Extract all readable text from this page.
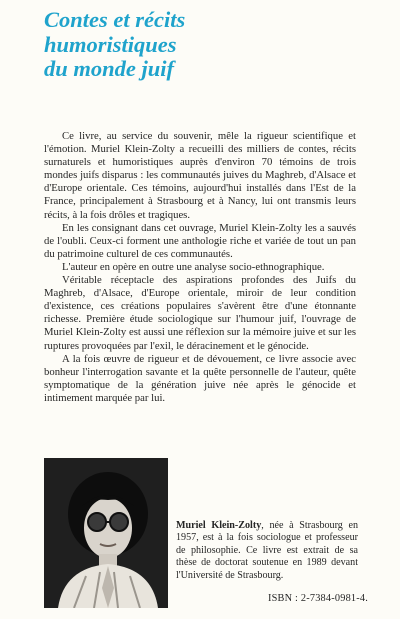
Contes et récits
humoristiques
du monde juif

Ce livre, au service du souvenir, mêle la rigueur scientifique et l'émotion. Muriel Klein-Zolty a recueilli des milliers de contes, récits surnaturels et humoristiques auprès d'environ 70 témoins de trois mondes juifs disparus : les communautés juives du Maghreb, d'Alsace et d'Europe orientale. Ces témoins, aujourd'hui installés dans l'Est de la France, principalement à Strasbourg et à Nancy, lui ont transmis leurs récits, à la fois drôles et tragiques.

En les consignant dans cet ouvrage, Muriel Klein-Zolty les a sauvés de l'oubli. Ceux-ci forment une anthologie riche et variée de tout un pan du patrimoine culturel de ces communautés.

L'auteur en opère en outre une analyse socio-ethnographique.

Véritable réceptacle des aspirations profondes des Juifs du Maghreb, d'Alsace, d'Europe orientale, miroir de leur condition d'existence, ces créations populaires s'avèrent être d'une étonnante richesse. Première étude sociologique sur l'humour juif, l'ouvrage de Muriel Klein-Zolty est aussi une réflexion sur la mémoire juive et sur les ruptures provoquées par l'exil, le déracinement et le génocide.

A la fois œuvre de rigueur et de dévouement, ce livre associe avec bonheur l'interrogation savante et la quête personnelle de l'auteur, quête symptomatique de la génération juive née après le génocide et intimement marquée par lui.

Muriel Klein-Zolty, née à Strasbourg en 1957, est à la fois sociologue et professeur de philosophie. Ce livre est extrait de sa thèse de doctorat soutenue en 1989 devant l'Université de Strasbourg.

ISBN : 2-7384-0981-4.
